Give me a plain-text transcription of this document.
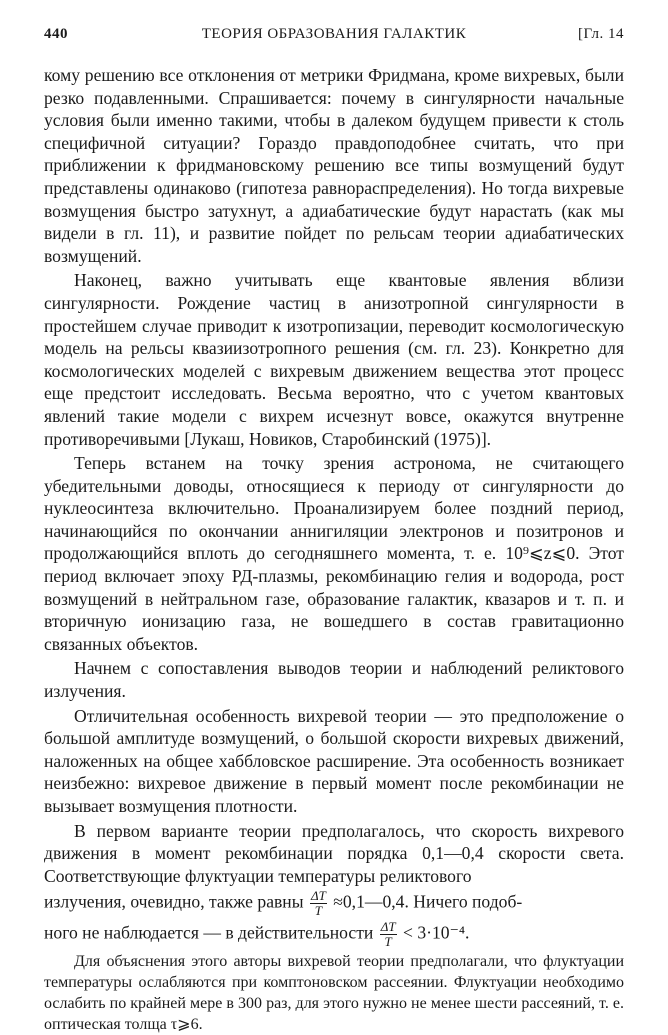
440	ТЕОРИЯ ОБРАЗОВАНИЯ ГАЛАКТИК	[Гл. 14

кому решению все отклонения от метрики Фридмана, кроме вихревых, были резко подавленными. Спрашивается: почему в сингулярности начальные условия были именно такими, чтобы в далеком будущем привести к столь специфичной ситуации? Гораздо правдоподобнее считать, что при приближении к фридмановскому решению все типы возмущений будут представлены одинаково (гипотеза равнораспределения). Но тогда вихревые возмущения быстро затухнут, а адиабатические будут нарастать (как мы видели в гл. 11), и развитие пойдет по рельсам теории адиабатических возмущений.

Наконец, важно учитывать еще квантовые явления вблизи сингулярности. Рождение частиц в анизотропной сингулярности в простейшем случае приводит к изотропизации, переводит космологическую модель на рельсы квазиизотропного решения (см. гл. 23). Конкретно для космологических моделей с вихревым движением вещества этот процесс еще предстоит исследовать. Весьма вероятно, что с учетом квантовых явлений такие модели с вихрем исчезнут вовсе, окажутся внутренне противоречивыми [Лукаш, Новиков, Старобинский (1975)].

Теперь встанем на точку зрения астронома, не считающего убедительными доводы, относящиеся к периоду от сингулярности до нуклеосинтеза включительно. Проанализируем более поздний период, начинающийся по окончании аннигиляции электронов и позитронов и продолжающийся вплоть до сегодняшнего момента, т. е. 10⁹⩽z⩽0. Этот период включает эпоху РД-плазмы, рекомбинацию гелия и водорода, рост возмущений в нейтральном газе, образование галактик, квазаров и т. п. и вторичную ионизацию газа, не вошедшего в состав гравитационно связанных объектов.

Начнем с сопоставления выводов теории и наблюдений реликтового излучения.

Отличительная особенность вихревой теории — это предположение о большой амплитуде возмущений, о большой скорости вихревых движений, наложенных на общее хаббловское расширение. Эта особенность возникает неизбежно: вихревое движение в первый момент после рекомбинации не вызывает возмущения плотности.

В первом варианте теории предполагалось, что скорость вихревого движения в момент рекомбинации порядка 0,1—0,4 скорости света. Соответствующие флуктуации температуры реликтового

излучения, очевидно, также равны $\frac{\Delta T}{T}$ ≈0,1—0,4. Ничего подоб-

ного не наблюдается — в действительности $\frac{\Delta T}{T} < 3\cdot 10^{-4}$.

Для объяснения этого авторы вихревой теории предполагали, что флуктуации температуры ослабляются при комптоновском рассеянии. Флуктуации необходимо ослабить по крайней мере в 300 раз, для этого нужно не менее шести рассеяний, т. е. оптическая толща τ⩾6.
